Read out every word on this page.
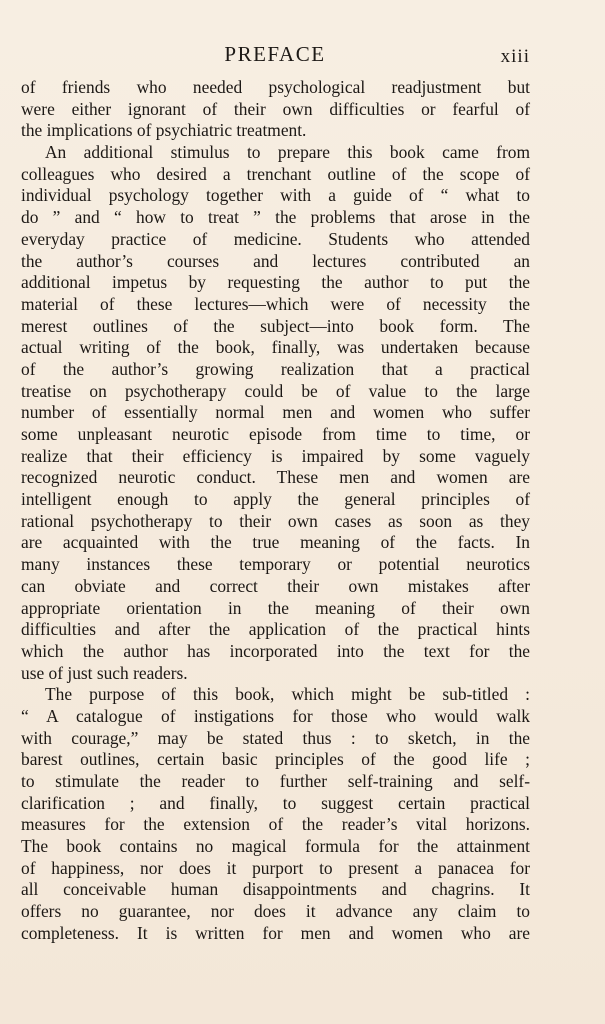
PREFACE	xiii
of friends who needed psychological readjustment but
were either ignorant of their own difficulties or fearful of
the implications of psychiatric treatment.
An additional stimulus to prepare this book came from
colleagues who desired a trenchant outline of the scope of
individual psychology together with a guide of “ what to
do ” and “ how to treat ” the problems that arose in the
everyday practice of medicine. Students who attended
the author’s courses and lectures contributed an
additional impetus by requesting the author to put the
material of these lectures—which were of necessity the
merest outlines of the subject—into book form. The
actual writing of the book, finally, was undertaken because
of the author’s growing realization that a practical
treatise on psychotherapy could be of value to the large
number of essentially normal men and women who suffer
some unpleasant neurotic episode from time to time, or
realize that their efficiency is impaired by some vaguely
recognized neurotic conduct. These men and women are
intelligent enough to apply the general principles of
rational psychotherapy to their own cases as soon as they
are acquainted with the true meaning of the facts. In
many instances these temporary or potential neurotics
can obviate and correct their own mistakes after
appropriate orientation in the meaning of their own
difficulties and after the application of the practical hints
which the author has incorporated into the text for the
use of just such readers.
The purpose of this book, which might be sub-titled :
“ A catalogue of instigations for those who would walk
with courage,” may be stated thus : to sketch, in the
barest outlines, certain basic principles of the good life ;
to stimulate the reader to further self-training and self-
clarification ; and finally, to suggest certain practical
measures for the extension of the reader’s vital horizons.
The book contains no magical formula for the attainment
of happiness, nor does it purport to present a panacea for
all conceivable human disappointments and chagrins. It
offers no guarantee, nor does it advance any claim to
completeness. It is written for men and women who are
